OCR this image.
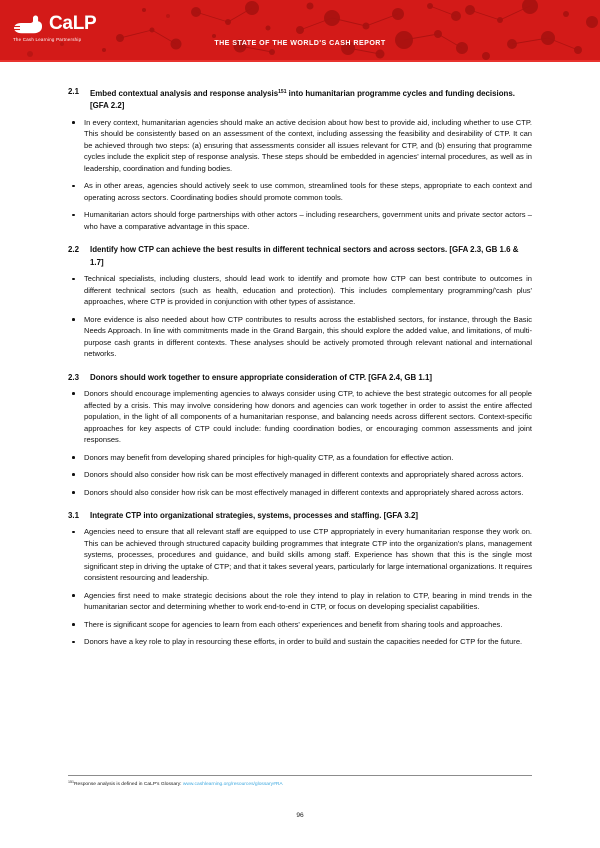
THE STATE OF THE WORLD'S CASH REPORT
CaLP
The Cash Learning Partnership
2.1	Embed contextual analysis and response analysis$^{151}$ into humanitarian programme cycles and funding decisions. [GFA 2.2]
In every context, humanitarian agencies should make an active decision about how best to provide aid, including whether to use CTP. This should be consistently based on an assessment of the context, including assessing the feasibility and desirability of CTP. It can be achieved through two steps: (a) ensuring that assessments consider all issues relevant for CTP, and (b) ensuring that programme cycles include the explicit step of response analysis. These steps should be embedded in agencies' internal procedures, as well as in leadership, coordination and funding bodies.
As in other areas, agencies should actively seek to use common, streamlined tools for these steps, appropriate to each context and operating across sectors. Coordinating bodies should promote common tools.
Humanitarian actors should forge partnerships with other actors – including researchers, government units and private sector actors – who have a comparative advantage in this space.
2.2	Identify how CTP can achieve the best results in different technical sectors and across sectors. [GFA 2.3, GB 1.6 & 1.7]
Technical specialists, including clusters, should lead work to identify and promote how CTP can best contribute to outcomes in different technical sectors (such as health, education and protection). This includes complementary programming/'cash plus' approaches, where CTP is provided in conjunction with other types of assistance.
More evidence is also needed about how CTP contributes to results across the established sectors, for instance, through the Basic Needs Approach. In line with commitments made in the Grand Bargain, this should explore the added value, and limitations, of multi-purpose cash grants in different contexts. These analyses should be actively promoted through relevant national and international networks.
2.3	Donors should work together to ensure appropriate consideration of CTP. [GFA 2.4, GB 1.1]
Donors should encourage implementing agencies to always consider using CTP, to achieve the best strategic outcomes for all people affected by a crisis. This may involve considering how donors and agencies can work together in order to assist the entire affected population, in the light of all components of a humanitarian response, and balancing needs across different sectors. Context-specific approaches for key aspects of CTP could include: funding coordination bodies, or encouraging common assessments and joint responses.
Donors may benefit from developing shared principles for high-quality CTP, as a foundation for effective action.
Donors should also consider how risk can be most effectively managed in different contexts and appropriately shared across actors.
Donors should also consider how risk can be most effectively managed in different contexts and appropriately shared across actors.
3.1	Integrate CTP into organizational strategies, systems, processes and staffing. [GFA 3.2]
Agencies need to ensure that all relevant staff are equipped to use CTP appropriately in every humanitarian response they work on. This can be achieved through structured capacity building programmes that integrate CTP into the organization's plans, management systems, processes, procedures and guidance, and build skills among staff. Experience has shown that this is the single most significant step in driving the uptake of CTP; and that it takes several years, particularly for large international organizations. It requires consistent resourcing and leadership.
Agencies first need to make strategic decisions about the role they intend to play in relation to CTP, bearing in mind trends in the humanitarian sector and determining whether to work end-to-end in CTP, or focus on developing specialist capabilities.
There is significant scope for agencies to learn from each others' experiences and benefit from sharing tools and approaches.
Donors have a key role to play in resourcing these efforts, in order to build and sustain the capacities needed for CTP for the future.
$^{151}$Response analysis is defined in CaLP's Glossary: www.cashlearning.org/resources/glossary#RA
96
